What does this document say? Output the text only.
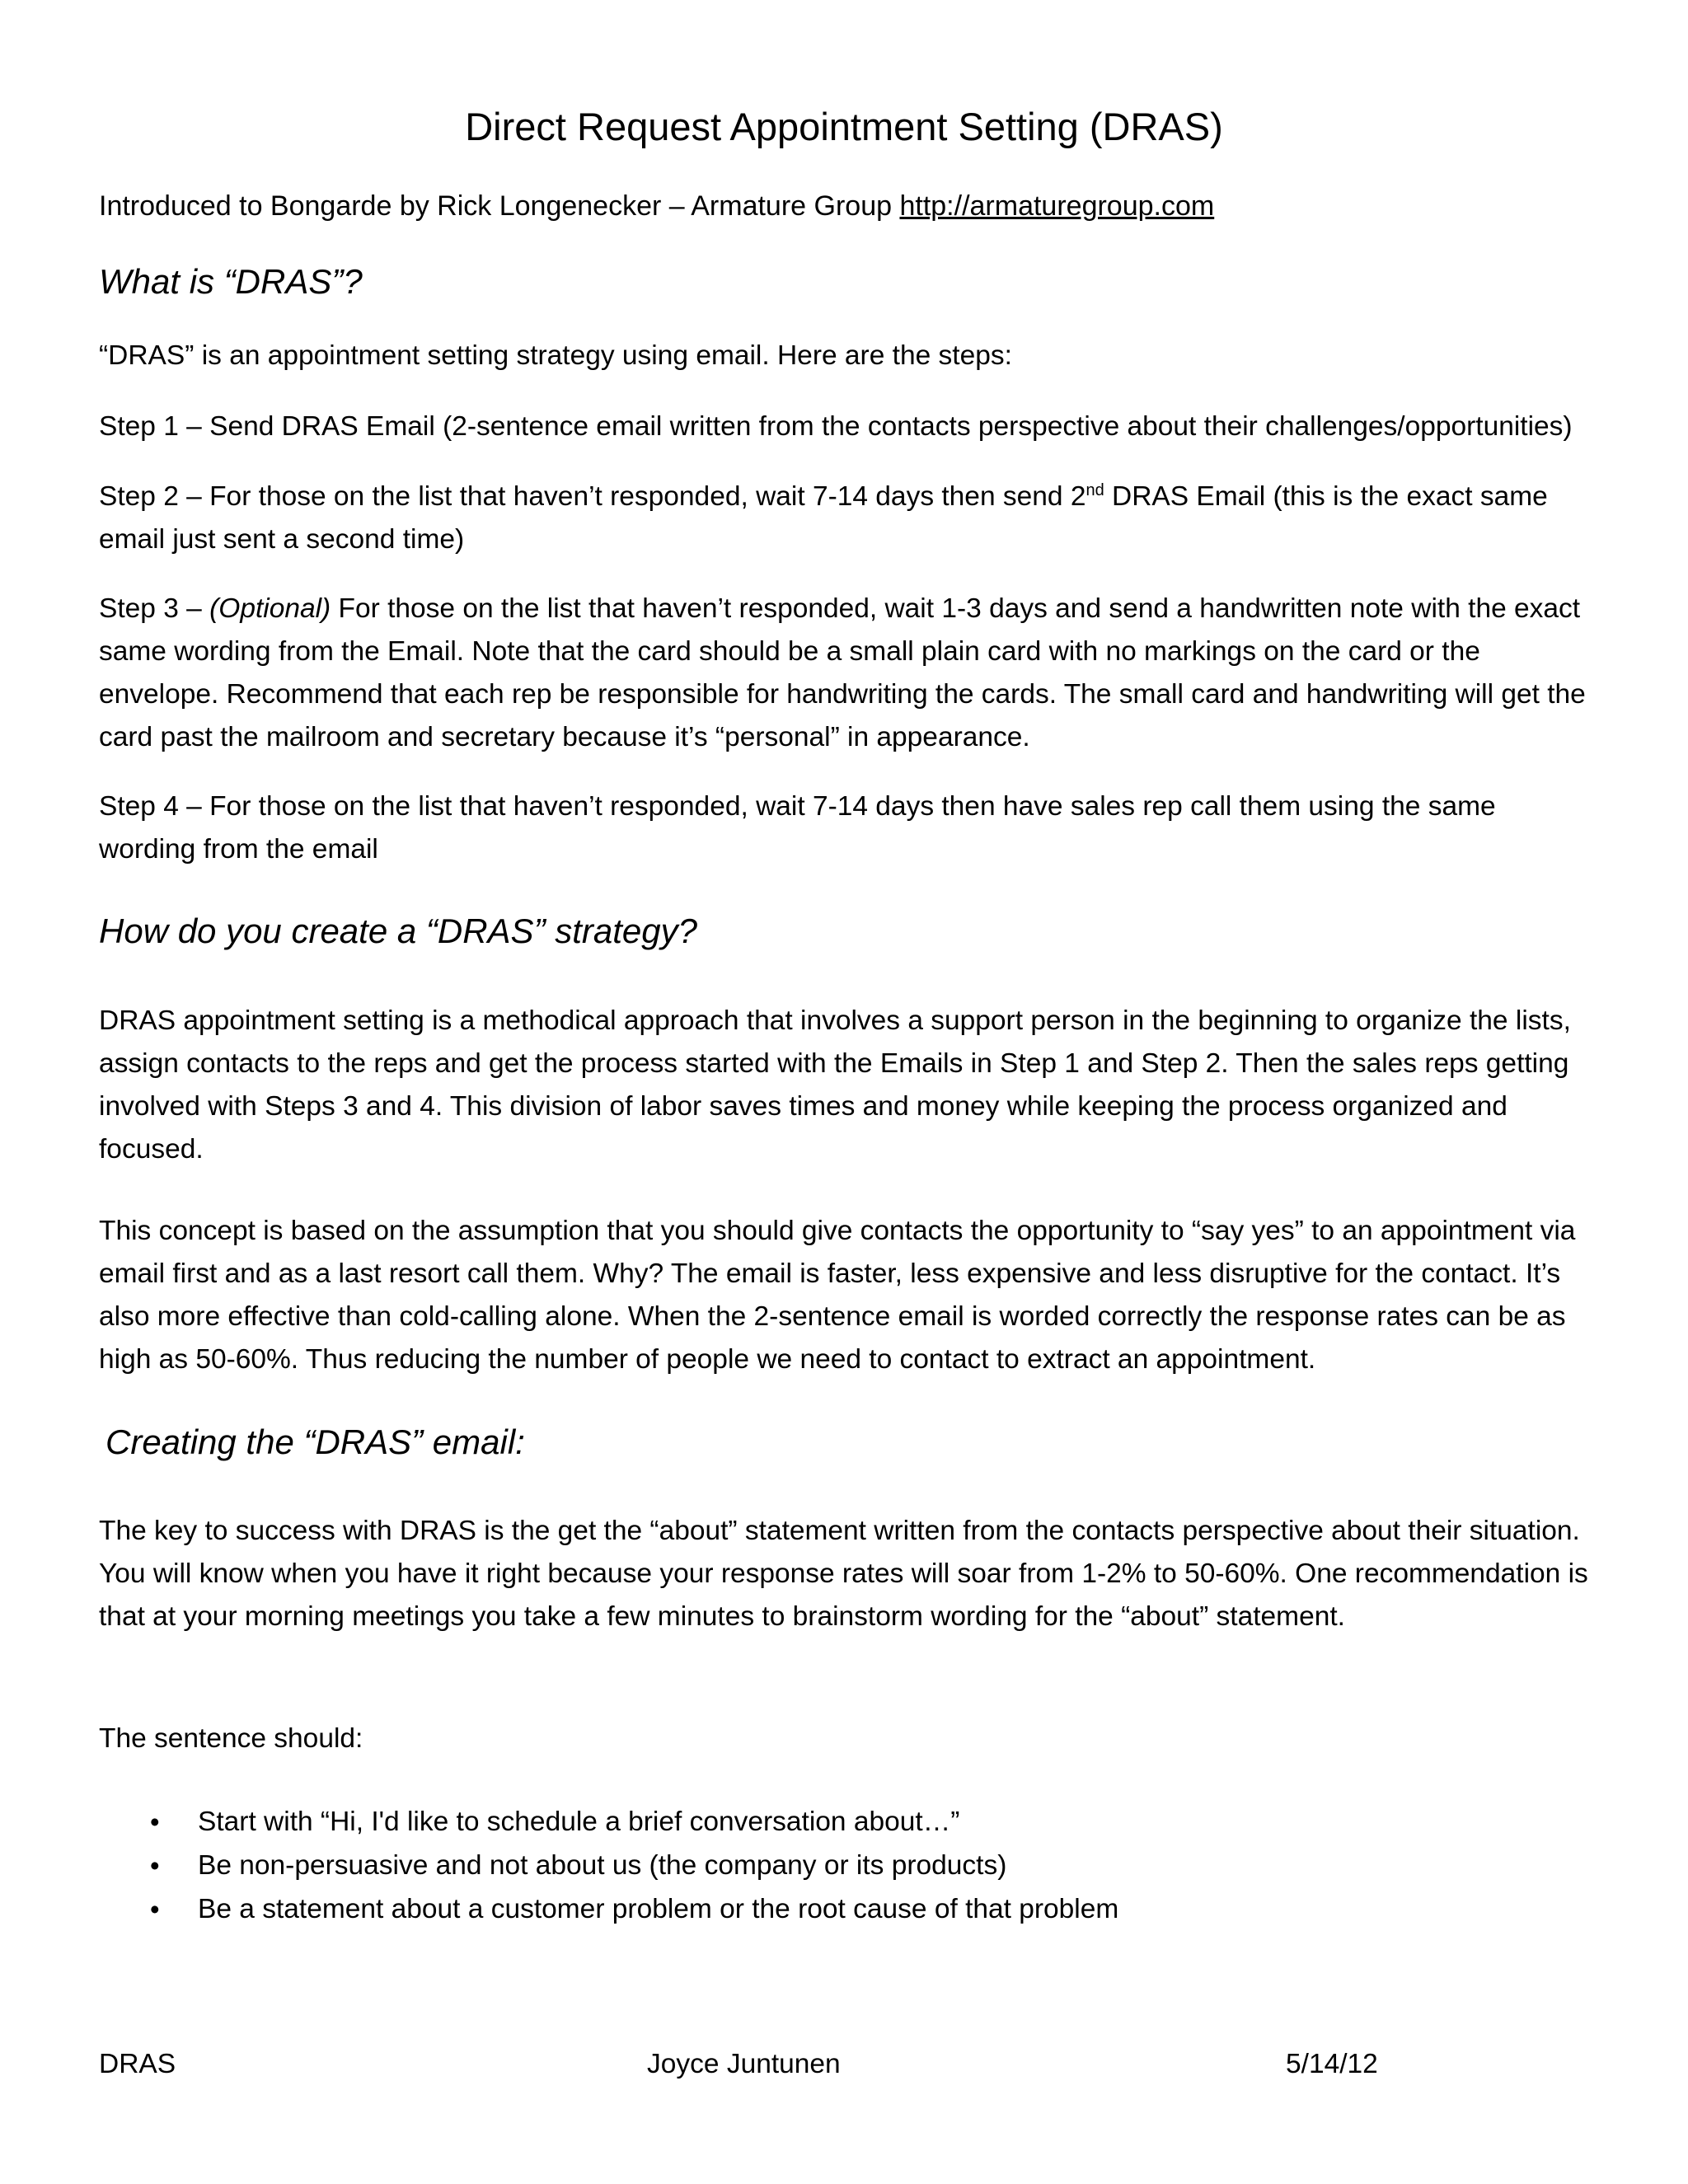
Direct Request Appointment Setting (DRAS)

Introduced to Bongarde by Rick Longenecker – Armature Group http://armaturegroup.com

What is “DRAS”?

“DRAS” is an appointment setting strategy using email. Here are the steps:

Step 1 – Send DRAS Email (2-sentence email written from the contacts perspective about their challenges/opportunities)

Step 2 – For those on the list that haven’t responded, wait 7-14 days then send 2nd DRAS Email (this is the exact same email just sent a second time)

Step 3 – (Optional) For those on the list that haven’t responded, wait 1-3 days and send a handwritten note with the exact same wording from the Email. Note that the card should be a small plain card with no markings on the card or the envelope. Recommend that each rep be responsible for handwriting the cards. The small card and handwriting will get the card past the mailroom and secretary because it’s “personal” in appearance.

Step 4 – For those on the list that haven’t responded, wait 7-14 days then have sales rep call them using the same wording from the email

How do you create a “DRAS” strategy?

DRAS appointment setting is a methodical approach that involves a support person in the beginning to organize the lists, assign contacts to the reps and get the process started with the Emails in Step 1 and Step 2. Then the sales reps getting involved with Steps 3 and 4. This division of labor saves times and money while keeping the process organized and focused.

This concept is based on the assumption that you should give contacts the opportunity to “say yes” to an appointment via email first and as a last resort call them. Why? The email is faster, less expensive and less disruptive for the contact. It’s also more effective than cold-calling alone. When the 2-sentence email is worded correctly the response rates can be as high as 50-60%. Thus reducing the number of people we need to contact to extract an appointment.

Creating the “DRAS” email:

The key to success with DRAS is the get the “about” statement written from the contacts perspective about their situation. You will know when you have it right because your response rates will soar from 1-2% to 50-60%. One recommendation is that at your morning meetings you take a few minutes to brainstorm wording for the “about” statement.

The sentence should:

• Start with “Hi, I'd like to schedule a brief conversation about…”
• Be non-persuasive and not about us (the company or its products)
• Be a statement about a customer problem or the root cause of that problem

DRAS	Joyce Juntunen	5/14/12
